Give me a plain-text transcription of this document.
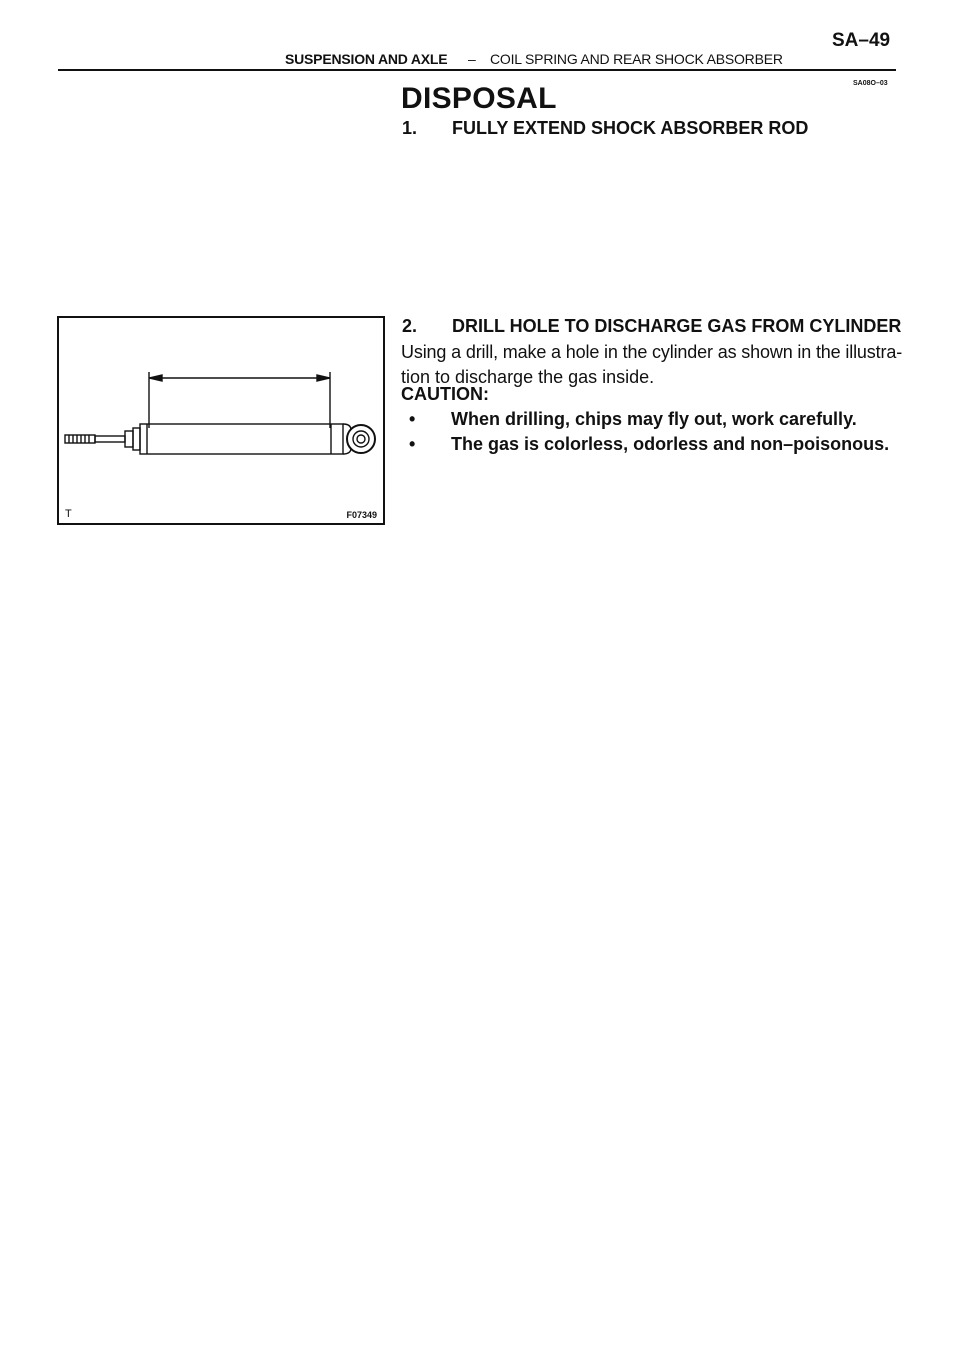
SA–49
SUSPENSION AND AXLE – COIL SPRING AND REAR SHOCK ABSORBER
SA08O–03
DISPOSAL
1. FULLY EXTEND SHOCK ABSORBER ROD
T	F07349
2. DRILL HOLE TO DISCHARGE GAS FROM CYLINDER
Using a drill, make a hole in the cylinder as shown in the illustra-
tion to discharge the gas inside.
CAUTION:
• When drilling, chips may fly out, work carefully.
• The gas is colorless, odorless and non–poisonous.
